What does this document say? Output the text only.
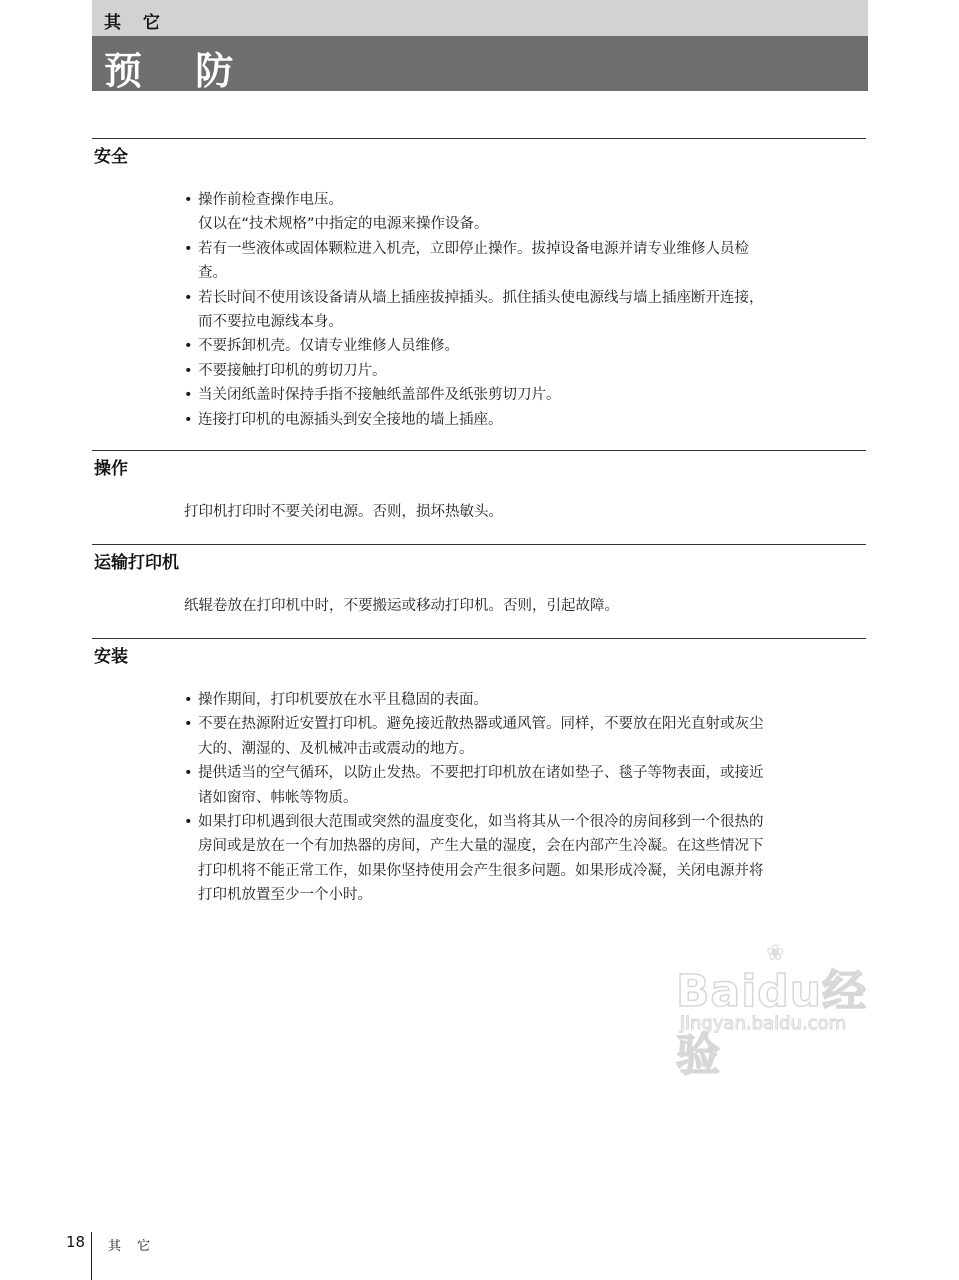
其 它
预 防
安全
• 操作前检查操作电压。
仅以在“技术规格”中指定的电源来操作设备。
• 若有一些液体或固体颗粒进入机壳，立即停止操作。拔掉设备电源并请专业维修人员检查。
• 若长时间不使用该设备请从墙上插座拔掉插头。抓住插头使电源线与墙上插座断开连接，而不要拉电源线本身。
• 不要拆卸机壳。仅请专业维修人员维修。
• 不要接触打印机的剪切刀片。
• 当关闭纸盖时保持手指不接触纸盖部件及纸张剪切刀片。
• 连接打印机的电源插头到安全接地的墙上插座。
操作

打印机打印时不要关闭电源。否则，损坏热敏头。

运输打印机

纸辊卷放在打印机中时，不要搬运或移动打印机。否则，引起故障。

安装
• 操作期间，打印机要放在水平且稳固的表面。
• 不要在热源附近安置打印机。避免接近散热器或通风管。同样，不要放在阳光直射或灰尘大的、潮湿的、及机械冲击或震动的地方。
• 提供适当的空气循环，以防止发热。不要把打印机放在诸如垫子、毯子等物表面，或接近诸如窗帘、帏帐等物质。
• 如果打印机遇到很大范围或突然的温度变化，如当将其从一个很冷的房间移到一个很热的房间或是放在一个有加热器的房间，产生大量的湿度，会在内部产生冷凝。在这些情况下打印机将不能正常工作，如果你坚持使用会产生很多问题。如果形成冷凝，关闭电源并将打印机放置至少一个小时。
❀
Baidu经验
jingyan.baidu.com
18 其 它
